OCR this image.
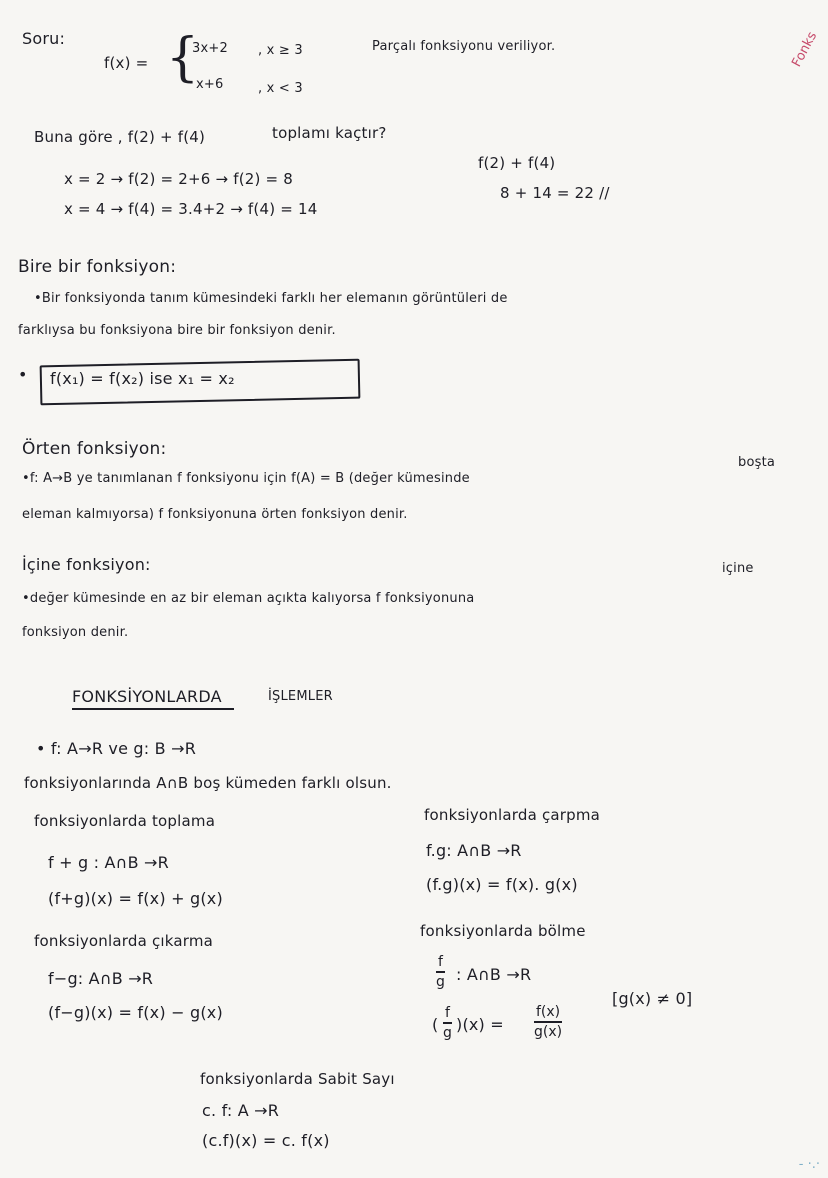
Soru:
f(x) = {
3x+2 , x ≥ 3
x+6	, x < 3
Parçalı fonksiyonu veriliyor.
Buna göre , f(2) + f(4)	toplamı kaçtır?
x = 2 → f(2) = 2+6 → f(2) = 8
x = 4 → f(4) = 3.4+2 → f(4) = 14
f(2) + f(4)
8 + 14 = 22 //
Bire bir fonksiyon:
•Bir fonksiyonda tanım kümesindeki farklı her elemanın görüntüleri de
farklıysa bu fonksiyona bire bir fonksiyon denir.
• f(x₁) = f(x₂) ise x₁ = x₂
Örten fonksiyon:
•f: A→B ye tanımlanan f fonksiyonu için f(A) = B (değer kümesinde
boşta
eleman kalmıyorsa) f fonksiyonuna örten fonksiyon denir.
İçine fonksiyon:
•değer kümesinde en az bir eleman açıkta kalıyorsa f fonksiyonuna
içine
fonksiyon denir.
FONKSİYONLARDA	İŞLEMLER
• f: A→R ve g: B →R
fonksiyonlarında A∩B boş kümeden farklı olsun.
fonksiyonlarda toplama
f + g : A∩B →R
(f+g)(x) = f(x) + g(x)
fonksiyonlarda çarpma
f.g: A∩B →R
(f.g)(x) = f(x). g(x)
fonksiyonlarda çıkarma
f−g: A∩B →R
(f−g)(x) = f(x) − g(x)
fonksiyonlarda bölme
f
g : A∩B →R
(
f
g )(x) =
f(x)
g(x)
[g(x) ≠ 0]
fonksiyonlarda Sabit Sayı
c. f: A →R
(c.f)(x) = c. f(x)
Fonks
- ·.·
